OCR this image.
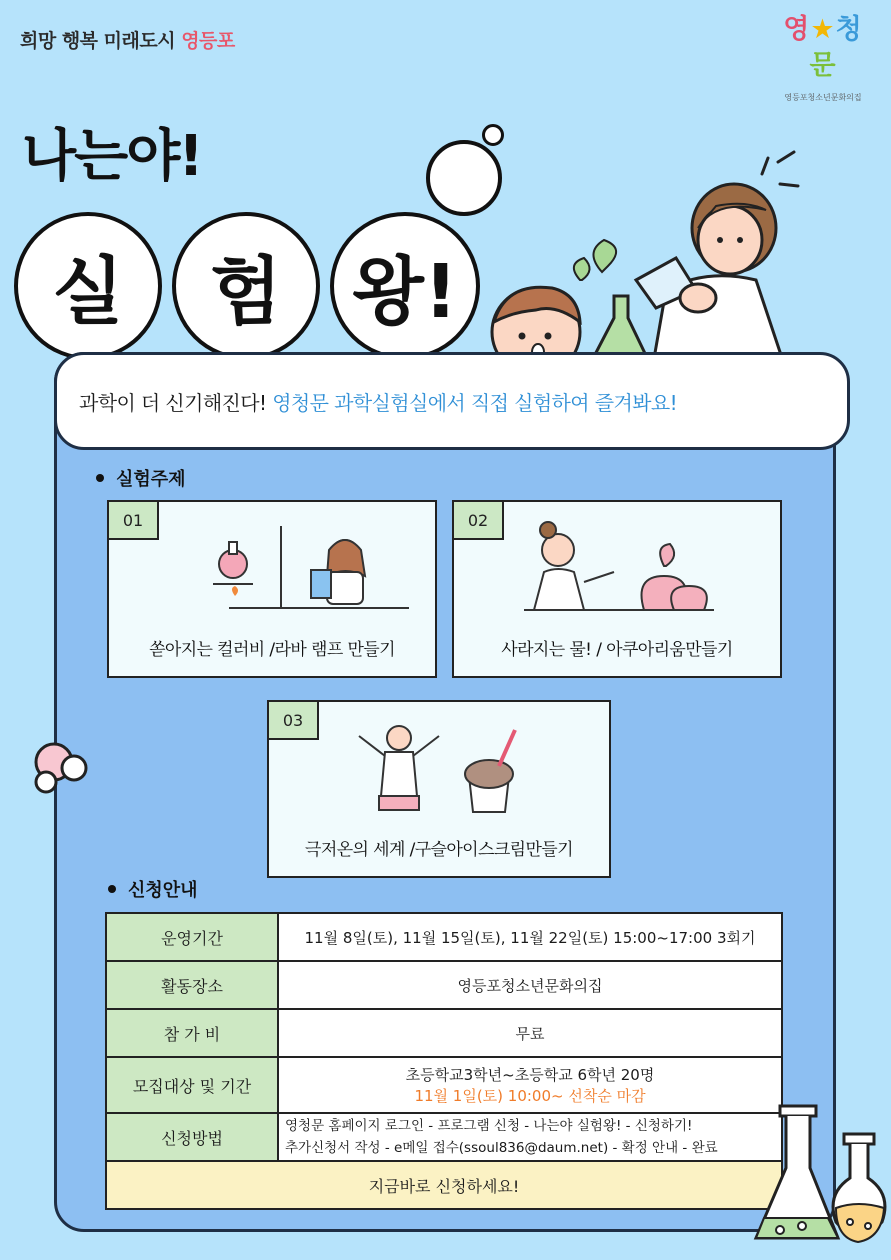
희망 행복 미래도시 영등포	영★청문
영등포청소년문화의집
나는야!
실	험 왕!
과학이 더 신기해진다!
영청문 과학실험실에서 직접 실험하여 즐겨봐요!
실험주제
01
쏟아지는 컬러비 /라바 램프 만들기
02
사라지는 물! / 아쿠아리움만들기
03
극저온의 세계 /구슬아이스크림만들기
신청안내
운영기간	11월 8일(토), 11월 15일(토), 11월 22일(토) 15:00~17:00 3회기
활동장소	영등포청소년문화의집
참 가 비	무료
모집대상 및 기간	초등학교3학년~초등학교 6학년 20명
11월 1일(토) 10:00~ 선착순 마감

신청방법	영청문 홈페이지 로그인 - 프로그램 신청 - 나는야 실험왕! - 신청하기!
추가신청서 작성 - e메일 접수(ssoul836@daum.net) - 확정 안내 - 완료

지금바로 신청하세요!	
